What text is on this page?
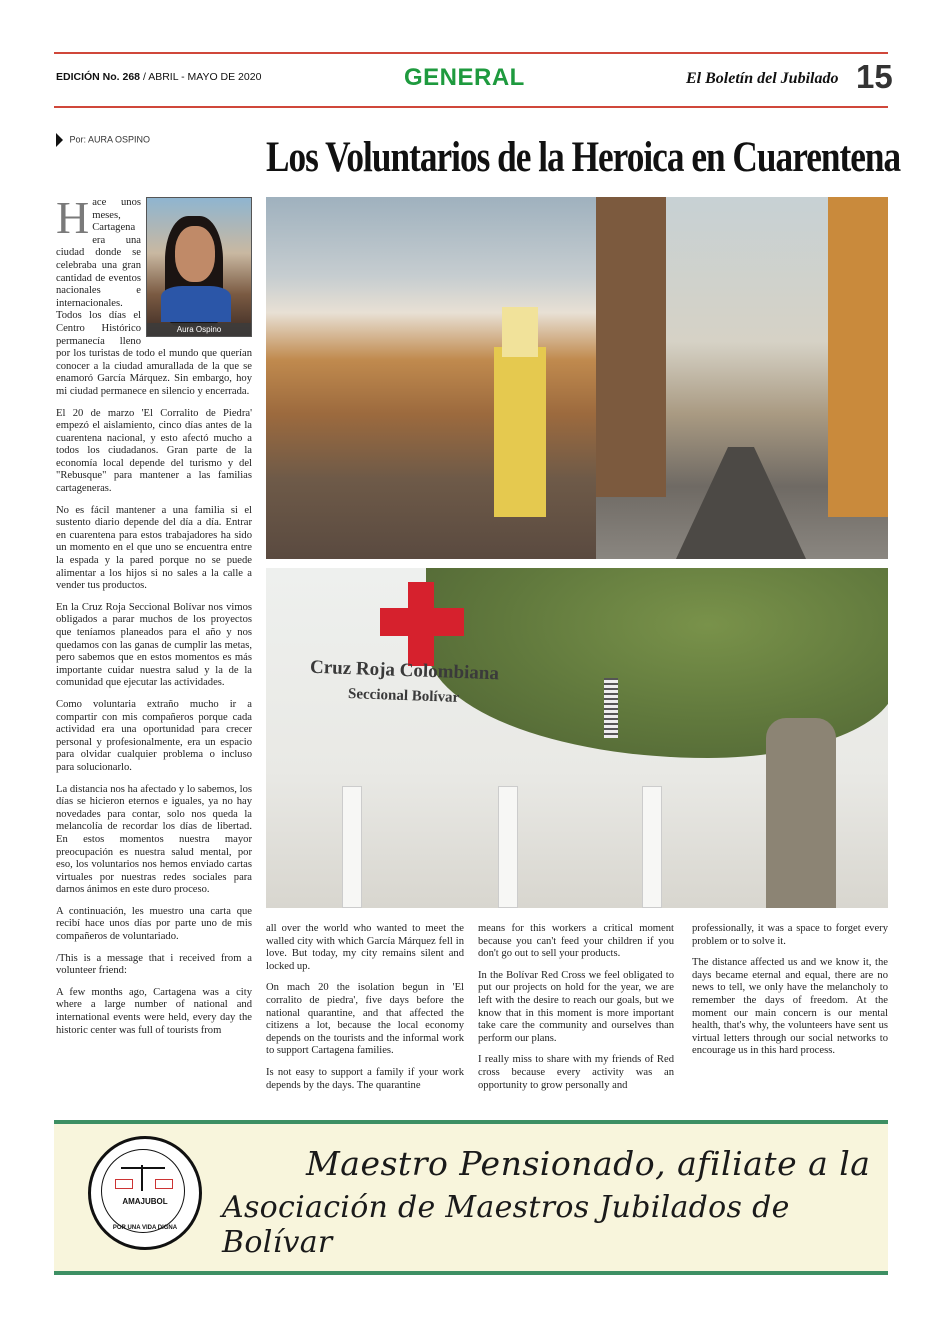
EDICIÓN No. 268 / ABRIL - MAYO DE 2020	GENERAL	El Boletín del Jubilado 15
Por: AURA OSPINO	Los Voluntarios de la Heroica en Cuarentena
Aura Ospino

Hace unos meses, Cartagena era una ciudad donde se celebraba una gran cantidad de eventos nacionales e internacionales. Todos los días el Centro Histórico permanecía lleno por los turistas de todo el mundo que querían conocer a la ciudad amurallada de la que se enamoró García Márquez. Sin embargo, hoy mi ciudad permanece en silencio y encerrada.

El 20 de marzo 'El Corralito de Piedra' empezó el aislamiento, cinco días antes de la cuarentena nacional, y esto afectó mucho a todos los ciudadanos. Gran parte de la economía local depende del turismo y del "Rebusque" para mantener a las familias cartageneras.

No es fácil mantener a una familia si el sustento diario depende del día a día. Entrar en cuarentena para estos trabajadores ha sido un momento en el que uno se encuentra entre la espada y la pared porque no se puede alimentar a los hijos si no sales a la calle a vender tus productos.

En la Cruz Roja Seccional Bolívar nos vimos obligados a parar muchos de los proyectos que teníamos planeados para el año y nos quedamos con las ganas de cumplir las metas, pero sabemos que en estos momentos es más importante cuidar nuestra salud y la de la comunidad que ejecutar las actividades.

Como voluntaria extraño mucho ir a compartir con mis compañeros porque cada actividad era una oportunidad para crecer personal y profesionalmente, era un espacio para olvidar cualquier problema o incluso para solucionarlo.

La distancia nos ha afectado y lo sabemos, los días se hicieron eternos e iguales, ya no hay novedades para contar, solo nos queda la melancolía de recordar los días de libertad. En estos momentos nuestra mayor preocupación es nuestra salud mental, por eso, los voluntarios nos hemos enviado cartas virtuales por nuestras redes sociales para darnos ánimos en este duro proceso.

A continuación, les muestro una carta que recibí hace unos días por parte uno de mis compañeros de voluntariado.

/This is a message that i received from a volunteer friend:

A few months ago, Cartagena was a city where a large number of national and international events were held, every day the historic center was full of tourists from

Cruz Roja Colombiana
Seccional Bolívar

all over the world who wanted to meet the walled city with which García Márquez fell in love. But today, my city remains silent and locked up.

On mach 20 the isolation begun in 'El corralito de piedra', five days before the national quarantine, and that affected the citizens a lot, because the local economy depends on the tourists and the informal work to support Cartagena families.

Is not easy to support a family if your work depends by the days. The quarantine

means for this workers a critical moment because you can't feed your children if you don't go out to sell your products.

In the Bolívar Red Cross we feel obligated to put our projects on hold for the year, we are left with the desire to reach our goals, but we know that in this moment is more important take care the community and ourselves than perform our plans.

I really miss to share with my friends of Red cross because every activity was an opportunity to grow personally and

professionally, it was a space to forget every problem or to solve it.

The distance affected us and we know it, the days became eternal and equal, there are no news to tell, we only have the melancholy to remember the days of freedom. At the moment our main concern is our mental health, that's why, the volunteers have sent us virtual letters through our social networks to encourage us in this hard process.

AMAJUBOL
POR UNA VIDA DIGNA
Maestro Pensionado, afiliate a la
Asociación de Maestros Jubilados de Bolívar
